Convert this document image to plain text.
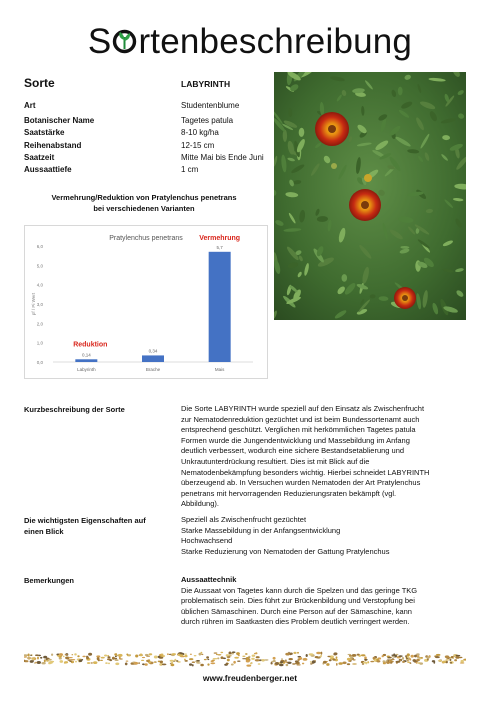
S rtenbeschreibung
Sorte	LABYRINTH
Art	Studentenblume
Botanischer Name	Tagetes patula
Saatstärke	8-10 kg/ha
Reihenabstand	12-15 cm
Saatzeit	Mitte Mai bis Ende Juni
Aussaattiefe	1 cm
Vermehrung/Reduktion von Pratylenchus penetrans
bei verschiedenen Varianten
Pratylenchus penetrans
0,0
1,0
2,0
3,0
4,0
5,0
6,0
pf / Pi Wert
0,14
Labyrinth
0,34
Brache
5,7
Mais
Vermehrung
Reduktion
Kurzbeschreibung der Sorte	Die Sorte LABYRINTH wurde speziell auf den Einsatz als Zwischenfrucht
zur Nematodenreduktion gezüchtet und ist beim Bundessortenamt auch
entsprechend geschützt. Verglichen mit herkömmlichen Tagetes patula
Formen wurde die Jungendentwicklung und Massebildung im Anfang
deutlich verbessert, wodurch eine sichere Bestandsetablierung und
Unkrautunterdrückung resultiert. Dies ist mit Blick auf die
Nematodenbekämpfung besonders wichtig. Hierbei schneidet LABYRINTH
überzeugend ab. In Versuchen wurden Nematoden der Art Pratylenchus
penetrans mit hervorragenden Reduzierungsraten bekämpft (vgl.
Abbildung).
Die wichtigsten Eigenschaften auf
einen Blick
Speziell als Zwischenfrucht gezüchtet
Starke Massebildung in der Anfangsentwicklung
Hochwachsend
Starke Reduzierung von Nematoden der Gattung Pratylenchus
Bemerkungen	Aussaattechnik
Die Aussaat von Tagetes kann durch die Spelzen und das geringe TKG
problematisch sein. Dies führt zur Brückenbildung und Verstopfung bei
üblichen Sämaschinen. Durch eine Person auf der Sämaschine, kann
durch rühren im Saatkasten dies Problem deutlich verringert werden.
www.freudenberger.net
